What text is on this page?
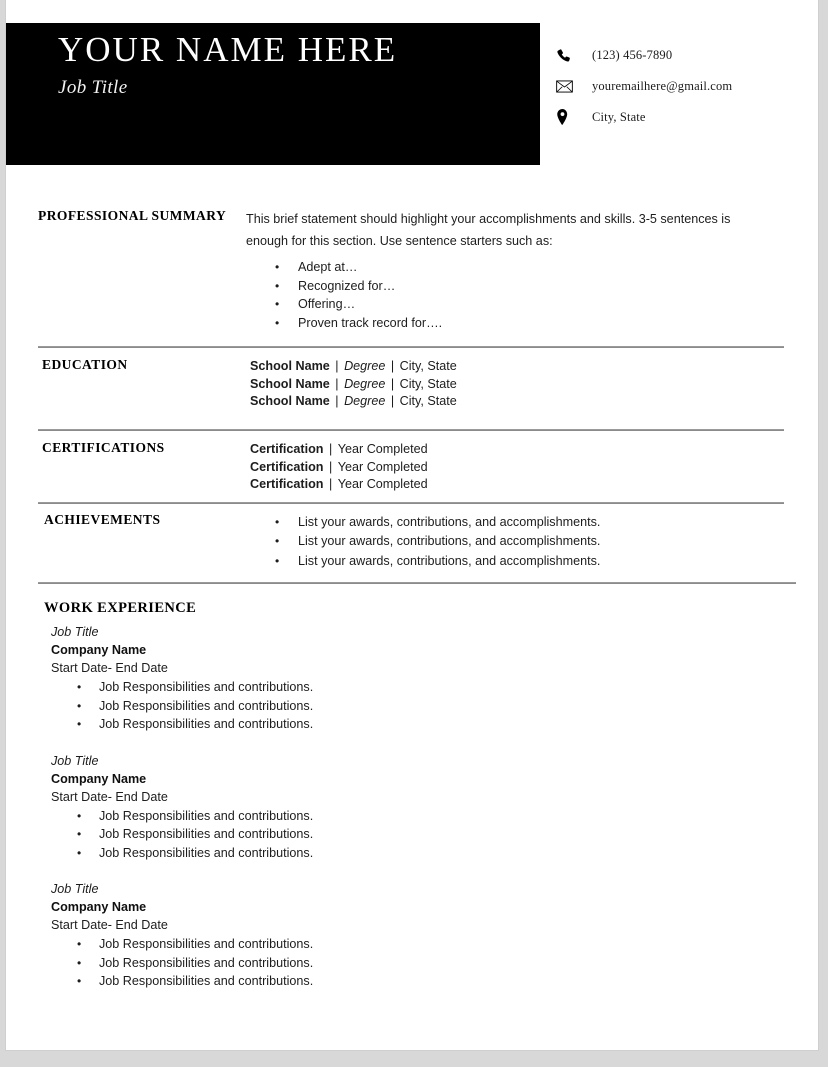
YOUR NAME HERE
Job Title
(123) 456-7890
youremailhere@gmail.com
City, State
PROFESSIONAL SUMMARY This brief statement should highlight your accomplishments and skills. 3-5 sentences is enough for this section. Use sentence starters such as:
• Adept at…
• Recognized for…
• Offering…
• Proven track record for….
EDUCATION	School Name | Degree | City, State
School Name | Degree | City, State
School Name | Degree | City, State
CERTIFICATIONS	Certification | Year Completed
Certification | Year Completed
Certification | Year Completed
ACHIEVEMENTS	• List your awards, contributions, and accomplishments.
• List your awards, contributions, and accomplishments.
• List your awards, contributions, and accomplishments.
WORK EXPERIENCE
Job Title
Company Name
Start Date- End Date
• Job Responsibilities and contributions.
• Job Responsibilities and contributions.
• Job Responsibilities and contributions.
Job Title
Company Name
Start Date- End Date
• Job Responsibilities and contributions.
• Job Responsibilities and contributions.
• Job Responsibilities and contributions.
Job Title
Company Name
Start Date- End Date
• Job Responsibilities and contributions.
• Job Responsibilities and contributions.
• Job Responsibilities and contributions.
